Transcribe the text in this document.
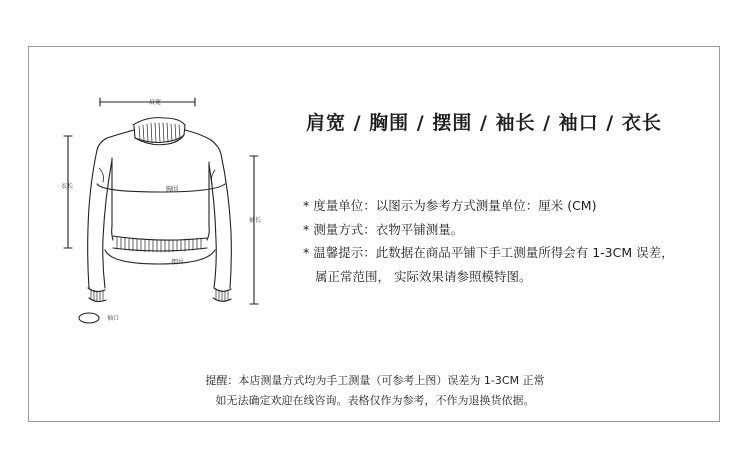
肩宽
衣长	胸围
摆围
袖长
袖口
肩宽 / 胸围 / 摆围 / 袖长 / 袖口 / 衣长
* 度量单位：以图示为参考方式测量单位：厘米 (CM)
* 测量方式：衣物平铺测量。
* 温馨提示：此数据在商品平铺下手工测量所得会有 1-3CM 误差，
属正常范围， 实际效果请参照模特图。
提醒：本店测量方式均为手工测量（可参考上图）误差为 1-3CM 正常
如无法确定欢迎在线咨询。表格仅作为参考，不作为退换货依据。
